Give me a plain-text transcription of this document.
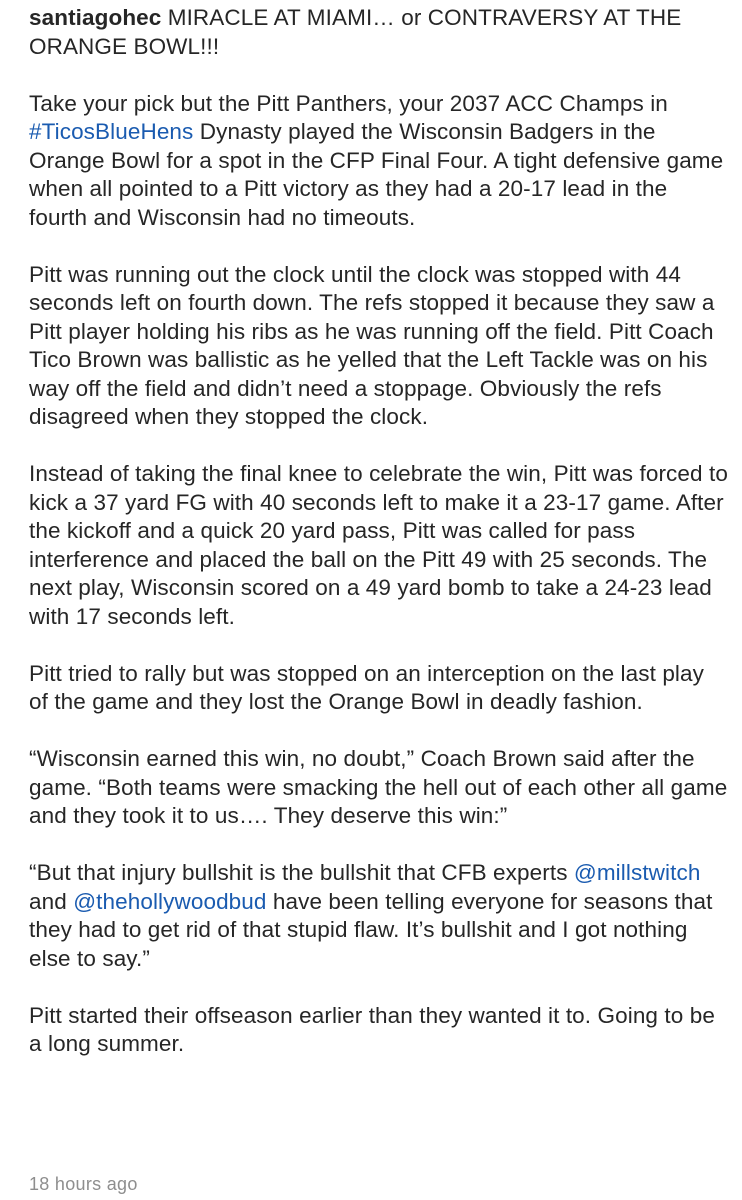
santiagohec MIRACLE AT MIAMI… or CONTRAVERSY AT THE ORANGE BOWL!!!

Take your pick but the Pitt Panthers, your 2037 ACC Champs in #TicosBlueHens Dynasty played the Wisconsin Badgers in the Orange Bowl for a spot in the CFP Final Four. A tight defensive game when all pointed to a Pitt victory as they had a 20-17 lead in the fourth and Wisconsin had no timeouts.

Pitt was running out the clock until the clock was stopped with 44 seconds left on fourth down. The refs stopped it because they saw a Pitt player holding his ribs as he was running off the field. Pitt Coach Tico Brown was ballistic as he yelled that the Left Tackle was on his way off the field and didn’t need a stoppage. Obviously the refs disagreed when they stopped the clock.

Instead of taking the final knee to celebrate the win, Pitt was forced to kick a 37 yard FG with 40 seconds left to make it a 23-17 game. After the kickoff and a quick 20 yard pass, Pitt was called for pass interference and placed the ball on the Pitt 49 with 25 seconds. The next play, Wisconsin scored on a 49 yard bomb to take a 24-23 lead with 17 seconds left.

Pitt tried to rally but was stopped on an interception on the last play of the game and they lost the Orange Bowl in deadly fashion.

“Wisconsin earned this win, no doubt,” Coach Brown said after the game. “Both teams were smacking the hell out of each other all game and they took it to us…. They deserve this win:”

“But that injury bullshit is the bullshit that CFB experts @millstwitch and @thehollywoodbud have been telling everyone for seasons that they had to get rid of that stupid flaw. It’s bullshit and I got nothing else to say.”

Pitt started their offseason earlier than they wanted it to. Going to be a long summer.

18 hours ago
